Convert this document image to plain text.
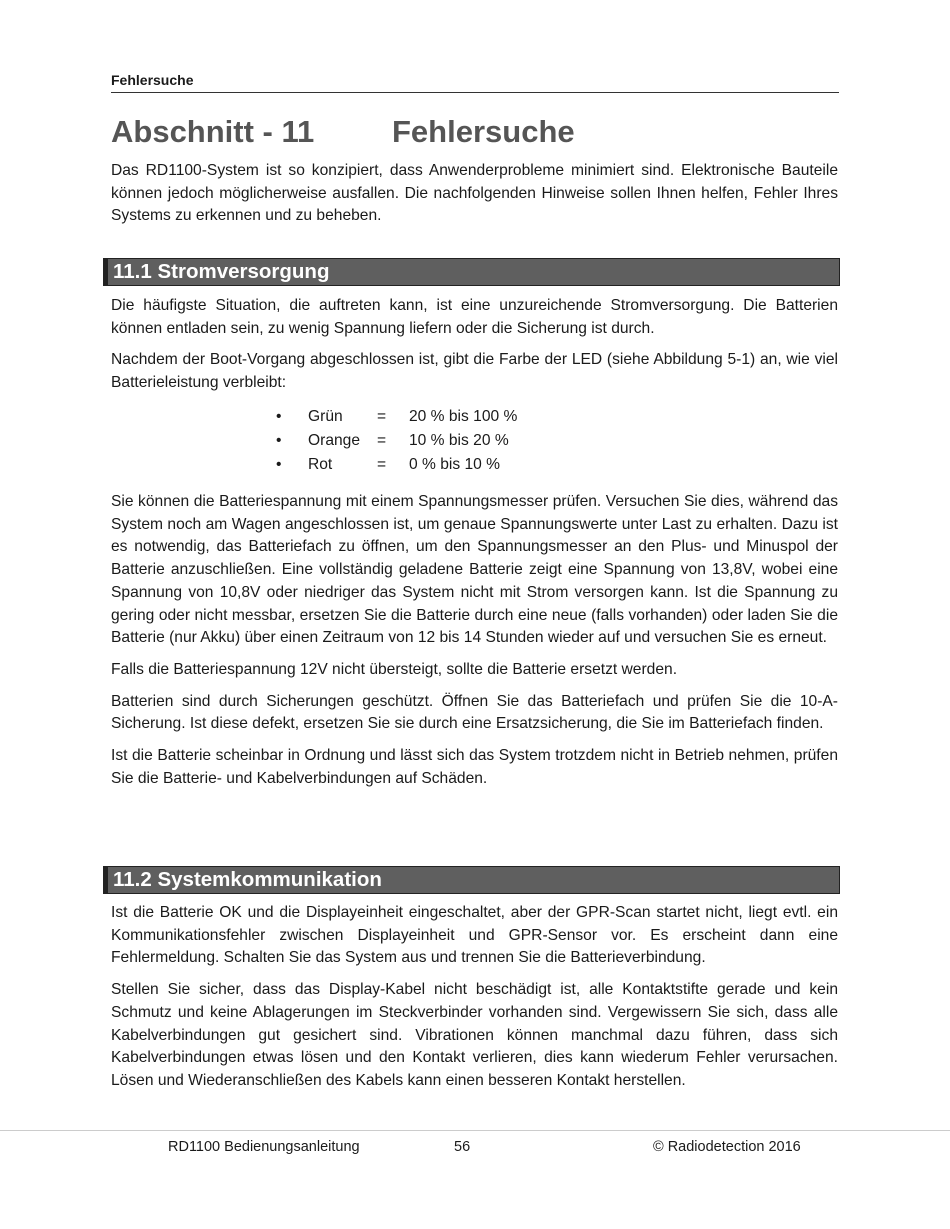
Fehlersuche
Abschnitt - 11	Fehlersuche

Das RD1100-System ist so konzipiert, dass Anwenderprobleme minimiert sind. Elektronische Bauteile können jedoch möglicherweise ausfallen. Die nachfolgenden Hinweise sollen Ihnen helfen, Fehler Ihres Systems zu erkennen und zu beheben.

11.1 Stromversorgung

Die häufigste Situation, die auftreten kann, ist eine unzureichende Stromversorgung. Die Batterien können entladen sein, zu wenig Spannung liefern oder die Sicherung ist durch.

Nachdem der Boot-Vorgang abgeschlossen ist, gibt die Farbe der LED (siehe Abbildung 5-1) an, wie viel Batterieleistung verbleibt:

• Grün = 20 % bis 100 %
• Orange = 10 % bis 20 %
• Rot	= 0 % bis 10 %

Sie können die Batteriespannung mit einem Spannungsmesser prüfen. Versuchen Sie dies, während das System noch am Wagen angeschlossen ist, um genaue Spannungswerte unter Last zu erhalten. Dazu ist es notwendig, das Batteriefach zu öffnen, um den Spannungsmesser an den Plus- und Minuspol der Batterie anzuschließen. Eine vollständig geladene Batterie zeigt eine Spannung von 13,8V, wobei eine Spannung von 10,8V oder niedriger das System nicht mit Strom versorgen kann. Ist die Spannung zu gering oder nicht messbar, ersetzen Sie die Batterie durch eine neue (falls vorhanden) oder laden Sie die Batterie (nur Akku) über einen Zeitraum von 12 bis 14 Stunden wieder auf und versuchen Sie es erneut.

Falls die Batteriespannung 12V nicht übersteigt, sollte die Batterie ersetzt werden.

Batterien sind durch Sicherungen geschützt. Öffnen Sie das Batteriefach und prüfen Sie die 10-A-Sicherung. Ist diese defekt, ersetzen Sie sie durch eine Ersatzsicherung, die Sie im Batteriefach finden.

Ist die Batterie scheinbar in Ordnung und lässt sich das System trotzdem nicht in Betrieb nehmen, prüfen Sie die Batterie- und Kabelverbindungen auf Schäden.

11.2 Systemkommunikation

Ist die Batterie OK und die Displayeinheit eingeschaltet, aber der GPR-Scan startet nicht, liegt evtl. ein Kommunikationsfehler zwischen Displayeinheit und GPR-Sensor vor. Es erscheint dann eine Fehlermeldung. Schalten Sie das System aus und trennen Sie die Batterieverbindung.

Stellen Sie sicher, dass das Display-Kabel nicht beschädigt ist, alle Kontaktstifte gerade und kein Schmutz und keine Ablagerungen im Steckverbinder vorhanden sind. Vergewissern Sie sich, dass alle Kabelverbindungen gut gesichert sind. Vibrationen können manchmal dazu führen, dass sich Kabelverbindungen etwas lösen und den Kontakt verlieren, dies kann wiederum Fehler verursachen. Lösen und Wiederanschließen des Kabels kann einen besseren Kontakt herstellen.

RD1100 Bedienungsanleitung	56	© Radiodetection 2016
